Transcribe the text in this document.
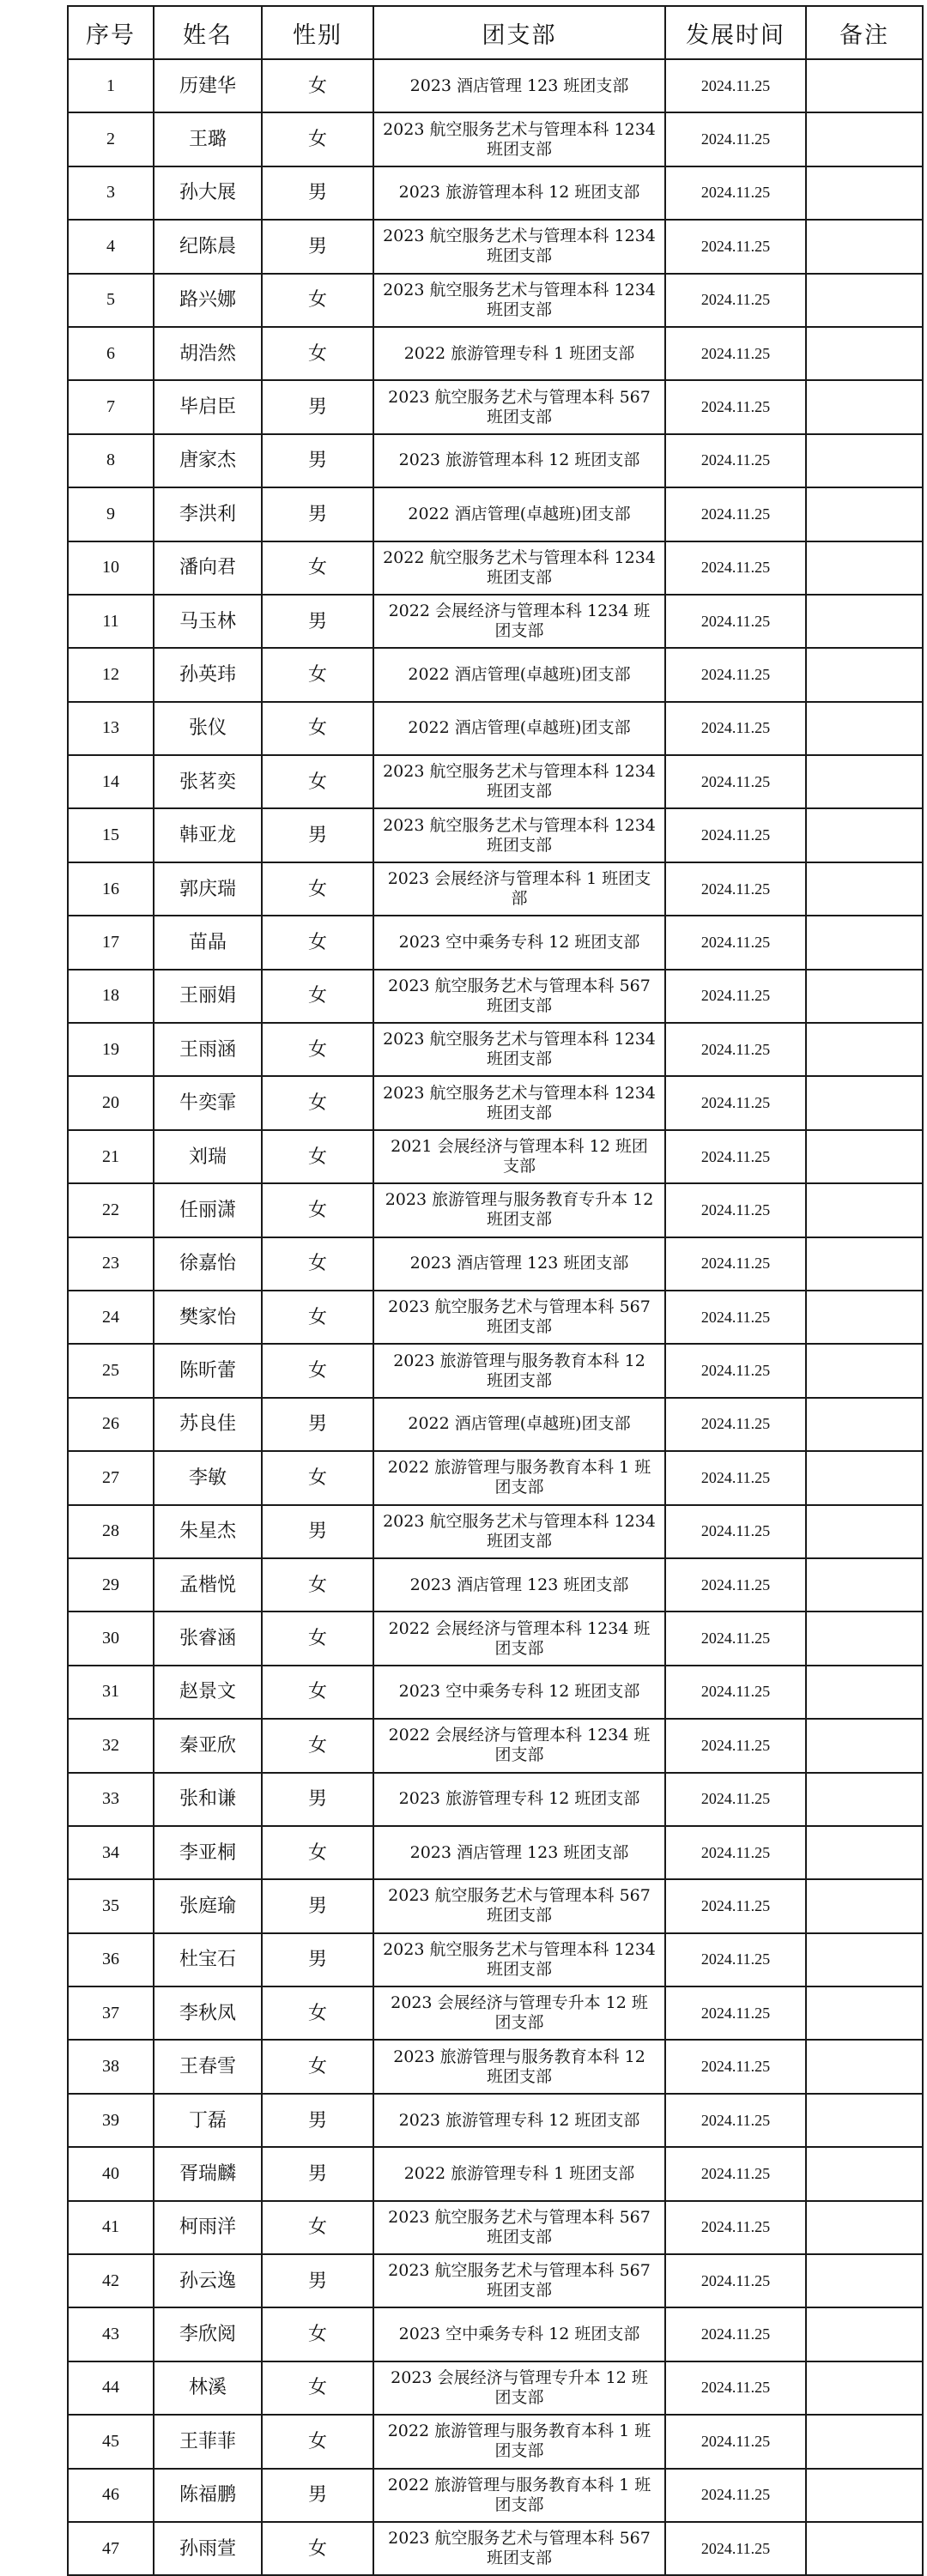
序号	姓名	性别	团支部	发展时间	备注
1	历建华	女	2023 酒店管理 123 班团支部	2024.11.25	
2	王璐	女	2023 航空服务艺术与管理本科 1234 班团支部	2024.11.25	
3	孙大展	男	2023 旅游管理本科 12 班团支部	2024.11.25	
4	纪陈晨	男	2023 航空服务艺术与管理本科 1234 班团支部	2024.11.25	
5	路兴娜	女	2023 航空服务艺术与管理本科 1234 班团支部	2024.11.25	
6	胡浩然	女	2022 旅游管理专科 1 班团支部	2024.11.25	
7	毕启臣	男	2023 航空服务艺术与管理本科 567 班团支部	2024.11.25	
8	唐家杰	男	2023 旅游管理本科 12 班团支部	2024.11.25	
9	李洪利	男	2022 酒店管理(卓越班)团支部	2024.11.25	
10	潘向君	女	2022 航空服务艺术与管理本科 1234 班团支部	2024.11.25	
11	马玉林	男	2022 会展经济与管理本科 1234 班团支部	2024.11.25	
12	孙英玮	女	2022 酒店管理(卓越班)团支部	2024.11.25	
13	张仪	女	2022 酒店管理(卓越班)团支部	2024.11.25	
14	张茗奕	女	2023 航空服务艺术与管理本科 1234 班团支部	2024.11.25	
15	韩亚龙	男	2023 航空服务艺术与管理本科 1234 班团支部	2024.11.25	
16	郭庆瑞	女	2023 会展经济与管理本科 1 班团支部	2024.11.25	
17	苗晶	女	2023 空中乘务专科 12 班团支部	2024.11.25	
18	王丽娟	女	2023 航空服务艺术与管理本科 567 班团支部	2024.11.25	
19	王雨涵	女	2023 航空服务艺术与管理本科 1234 班团支部	2024.11.25	
20	牛奕霏	女	2023 航空服务艺术与管理本科 1234 班团支部	2024.11.25	
21	刘瑞	女	2021 会展经济与管理本科 12 班团支部	2024.11.25	
22	任丽潇	女	2023 旅游管理与服务教育专升本 12 班团支部	2024.11.25	
23	徐嘉怡	女	2023 酒店管理 123 班团支部	2024.11.25	
24	樊家怡	女	2023 航空服务艺术与管理本科 567 班团支部	2024.11.25	
25	陈昕蕾	女	2023 旅游管理与服务教育本科 12 班团支部	2024.11.25	
26	苏良佳	男	2022 酒店管理(卓越班)团支部	2024.11.25	
27	李敏	女	2022 旅游管理与服务教育本科 1 班团支部	2024.11.25	
28	朱星杰	男	2023 航空服务艺术与管理本科 1234 班团支部	2024.11.25	
29	孟楷悦	女	2023 酒店管理 123 班团支部	2024.11.25	
30	张睿涵	女	2022 会展经济与管理本科 1234 班团支部	2024.11.25	
31	赵景文	女	2023 空中乘务专科 12 班团支部	2024.11.25	
32	秦亚欣	女	2022 会展经济与管理本科 1234 班团支部	2024.11.25	
33	张和谦	男	2023 旅游管理专科 12 班团支部	2024.11.25	
34	李亚桐	女	2023 酒店管理 123 班团支部	2024.11.25	
35	张庭瑜	男	2023 航空服务艺术与管理本科 567 班团支部	2024.11.25	
36	杜宝石	男	2023 航空服务艺术与管理本科 1234 班团支部	2024.11.25	
37	李秋凤	女	2023 会展经济与管理专升本 12 班团支部	2024.11.25	
38	王春雪	女	2023 旅游管理与服务教育本科 12 班团支部	2024.11.25	
39	丁磊	男	2023 旅游管理专科 12 班团支部	2024.11.25	
40	胥瑞麟	男	2022 旅游管理专科 1 班团支部	2024.11.25	
41	柯雨洋	女	2023 航空服务艺术与管理本科 567 班团支部	2024.11.25	
42	孙云逸	男	2023 航空服务艺术与管理本科 567 班团支部	2024.11.25	
43	李欣阅	女	2023 空中乘务专科 12 班团支部	2024.11.25	
44	林溪	女	2023 会展经济与管理专升本 12 班团支部	2024.11.25	
45	王菲菲	女	2022 旅游管理与服务教育本科 1 班团支部	2024.11.25	
46	陈福鹏	男	2022 旅游管理与服务教育本科 1 班团支部	2024.11.25	
47	孙雨萱	女	2023 航空服务艺术与管理本科 567 班团支部	2024.11.25	
